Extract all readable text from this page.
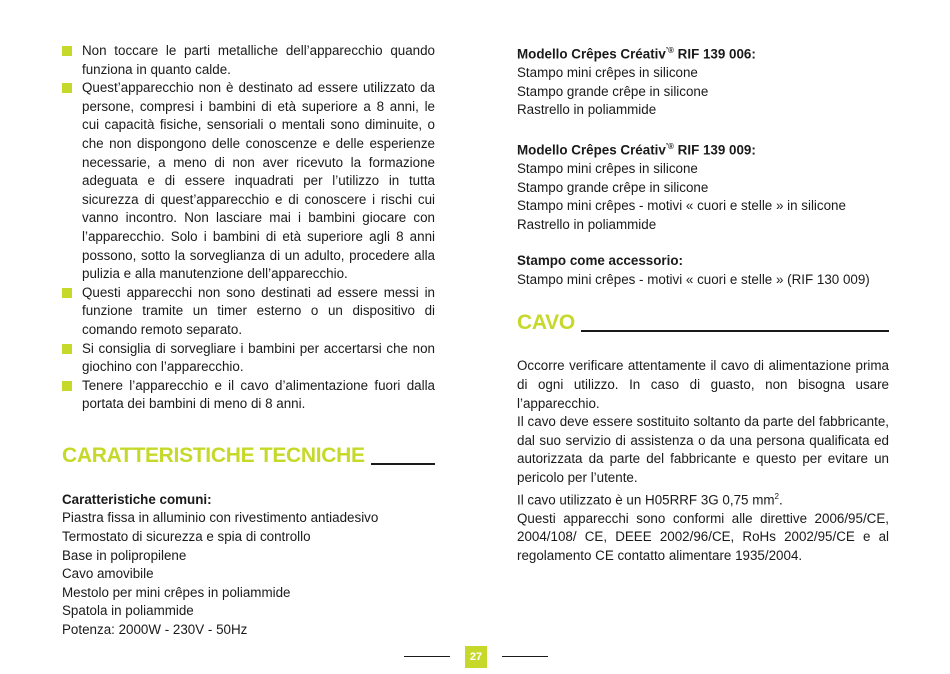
Non toccare le parti metalliche dell’apparecchio quando funziona in quanto calde.
Quest’apparecchio non è destinato ad essere utilizzato da persone, compresi i bambini di età superiore a 8 anni, le cui capacità fisiche, sensoriali o mentali sono diminuite, o che non dispongono delle conoscenze e delle esperienze necessarie, a meno di non aver ricevuto la formazione adeguata e di essere inquadrati per l’utilizzo in tutta sicurezza di quest’apparecchio e di conoscere i rischi cui vanno incontro. Non lasciare mai i bambini giocare con l’apparecchio. Solo i bambini di età superiore agli 8 anni possono, sotto la sorveglianza di un adulto, procedere alla pulizia e alla manutenzione dell’apparecchio.
Questi apparecchi non sono destinati ad essere messi in funzione tramite un timer esterno o un dispositivo di comando remoto separato.
Si consiglia di sorvegliare i bambini per accertarsi che non giochino con l’apparecchio.
Tenere l’apparecchio e il cavo d’alimentazione fuori dalla portata dei bambini di meno di 8 anni.
CARATTERISTICHE TECNICHE
Caratteristiche comuni:
Piastra fissa in alluminio con rivestimento antiadesivo
Termostato di sicurezza e spia di controllo
Base in polipropilene
Cavo amovibile
Mestolo per mini crêpes in poliammide
Spatola in poliammide
Potenza: 2000W - 230V - 50Hz
Modello Crêpes Créativ’® RIF 139 006:
Stampo mini crêpes in silicone
Stampo grande crêpe in silicone
Rastrello in poliammide
Modello Crêpes Créativ’® RIF 139 009:
Stampo mini crêpes in silicone
Stampo grande crêpe in silicone
Stampo mini crêpes - motivi « cuori e stelle » in silicone
Rastrello in poliammide
Stampo come accessorio:
Stampo mini crêpes - motivi « cuori e stelle » (RIF 130 009)
CAVO
Occorre verificare attentamente il cavo di alimentazione prima di ogni utilizzo. In caso di guasto, non bisogna usare l’apparecchio.
Il cavo deve essere sostituito soltanto da parte del fabbricante, dal suo servizio di assistenza o da una persona qualificata ed autorizzata da parte del fabbricante e questo per evitare un pericolo per l’utente.
Il cavo utilizzato è un H05RRF 3G 0,75 $mm^2$.
Questi apparecchi sono conformi alle direttive 2006/95/CE, 2004/108/ CE, DEEE 2002/96/CE, RoHs 2002/95/CE e al regolamento CE contatto alimentare 1935/2004.
27
